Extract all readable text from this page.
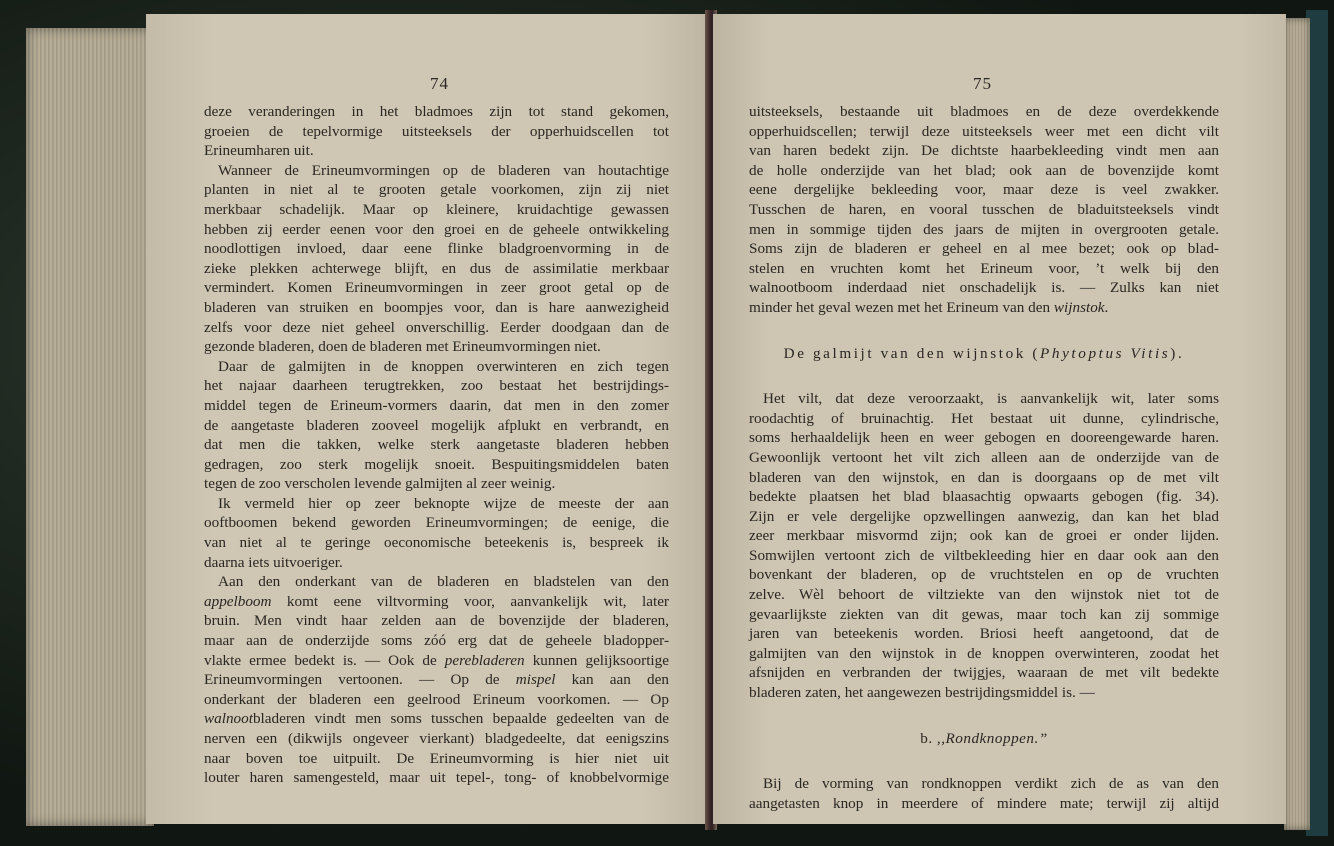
74
deze veranderingen in het bladmoes zijn tot stand gekomen,
groeien de tepelvormige uitsteeksels der opperhuidscellen tot
Erineumharen uit.
Wanneer de Erineumvormingen op de bladeren van houtachtige
planten in niet al te grooten getale voorkomen, zijn zij niet
merkbaar schadelijk. Maar op kleinere, kruidachtige gewassen
hebben zij eerder eenen voor den groei en de geheele ontwikkeling
noodlottigen invloed, daar eene flinke bladgroenvorming in de
zieke plekken achterwege blijft, en dus de assimilatie merkbaar
vermindert. Komen Erineumvormingen in zeer groot getal op de
bladeren van struiken en boompjes voor, dan is hare aanwezigheid
zelfs voor deze niet geheel onverschillig. Eerder doodgaan dan de
gezonde bladeren, doen de bladeren met Erineumvormingen niet.
Daar de galmijten in de knoppen overwinteren en zich tegen
het najaar daarheen terugtrekken, zoo bestaat het bestrijdings-
middel tegen de Erineum-vormers daarin, dat men in den zomer
de aangetaste bladeren zooveel mogelijk afplukt en verbrandt, en
dat men die takken, welke sterk aangetaste bladeren hebben
gedragen, zoo sterk mogelijk snoeit. Bespuitingsmiddelen baten
tegen de zoo verscholen levende galmijten al zeer weinig.
Ik vermeld hier op zeer beknopte wijze de meeste der aan
ooftboomen bekend geworden Erineumvormingen; de eenige, die
van niet al te geringe oeconomische beteekenis is, bespreek ik
daarna iets uitvoeriger.
Aan den onderkant van de bladeren en bladstelen van den
appelboom komt eene viltvorming voor, aanvankelijk wit, later
bruin. Men vindt haar zelden aan de bovenzijde der bladeren,
maar aan de onderzijde soms zóó erg dat de geheele bladopper-
vlakte ermee bedekt is. — Ook de perebladeren kunnen gelijksoortige
Erineumvormingen vertoonen. — Op de mispel kan aan den
onderkant der bladeren een geelrood Erineum voorkomen. — Op
walnootbladeren vindt men soms tusschen bepaalde gedeelten van de
nerven een (dikwijls ongeveer vierkant) bladgedeelte, dat eenigszins
naar boven toe uitpuilt. De Erineumvorming is hier niet uit
louter haren samengesteld, maar uit tepel-, tong- of knobbelvormige
75
uitsteeksels, bestaande uit bladmoes en de deze overdekkende
opperhuidscellen; terwijl deze uitsteeksels weer met een dicht vilt
van haren bedekt zijn. De dichtste haarbekleeding vindt men aan
de holle onderzijde van het blad; ook aan de bovenzijde komt
eene dergelijke bekleeding voor, maar deze is veel zwakker.
Tusschen de haren, en vooral tusschen de bladuitsteeksels vindt
men in sommige tijden des jaars de mijten in overgrooten getale.
Soms zijn de bladeren er geheel en al mee bezet; ook op blad-
stelen en vruchten komt het Erineum voor, ’t welk bij den
walnootboom inderdaad niet onschadelijk is. — Zulks kan niet
minder het geval wezen met het Erineum van den wijnstok.
De galmijt van den wijnstok (Phytoptus Vitis).
Het vilt, dat deze veroorzaakt, is aanvankelijk wit, later soms
roodachtig of bruinachtig. Het bestaat uit dunne, cylindrische,
soms herhaaldelijk heen en weer gebogen en dooreengewarde haren.
Gewoonlijk vertoont het vilt zich alleen aan de onderzijde van de
bladeren van den wijnstok, en dan is doorgaans op de met vilt
bedekte plaatsen het blad blaasachtig opwaarts gebogen (fig. 34).
Zijn er vele dergelijke opzwellingen aanwezig, dan kan het blad
zeer merkbaar misvormd zijn; ook kan de groei er onder lijden.
Somwijlen vertoont zich de viltbekleeding hier en daar ook aan den
bovenkant der bladeren, op de vruchtstelen en op de vruchten
zelve. Wèl behoort de viltziekte van den wijnstok niet tot de
gevaarlijkste ziekten van dit gewas, maar toch kan zij sommige
jaren van beteekenis worden. Briosi heeft aangetoond, dat de
galmijten van den wijnstok in de knoppen overwinteren, zoodat het
afsnijden en verbranden der twijgjes, waaraan de met vilt bedekte
bladeren zaten, het aangewezen bestrijdingsmiddel is. —
b. ,,Rondknoppen.”
Bij de vorming van rondknoppen verdikt zich de as van den
aangetasten knop in meerdere of mindere mate; terwijl zij altijd
